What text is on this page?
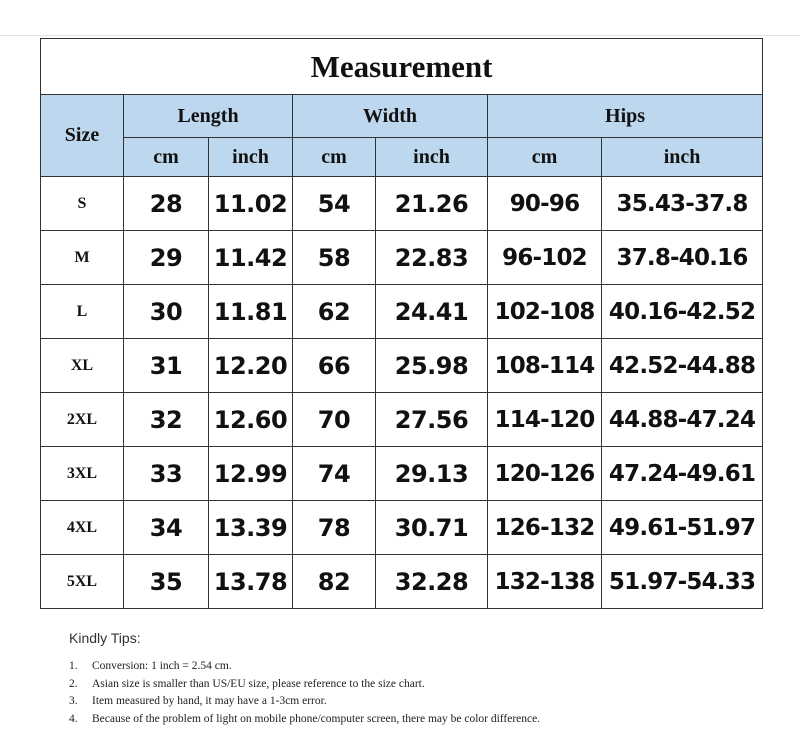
Measurement						
Size	Length		Width		Hips	
	cm	inch	cm	inch	cm	inch
S	28	11.02	54	21.26	90-96	35.43-37.8
M	29	11.42	58	22.83	96-102	37.8-40.16
L	30	11.81	62	24.41	102-108	40.16-42.52
XL	31	12.20	66	25.98	108-114	42.52-44.88
2XL	32	12.60	70	27.56	114-120	44.88-47.24
3XL	33	12.99	74	29.13	120-126	47.24-49.61
4XL	34	13.39	78	30.71	126-132	49.61-51.97
5XL	35	13.78	82	32.28	132-138	51.97-54.33

Kindly Tips:

1.	Conversion: 1 inch = 2.54 cm.
2.	Asian size is smaller than US/EU size, please reference to the size chart.
3.	Item measured by hand, it may have a 1-3cm error.
4.	Because of the problem of light on mobile phone/computer screen, there may be color difference.
